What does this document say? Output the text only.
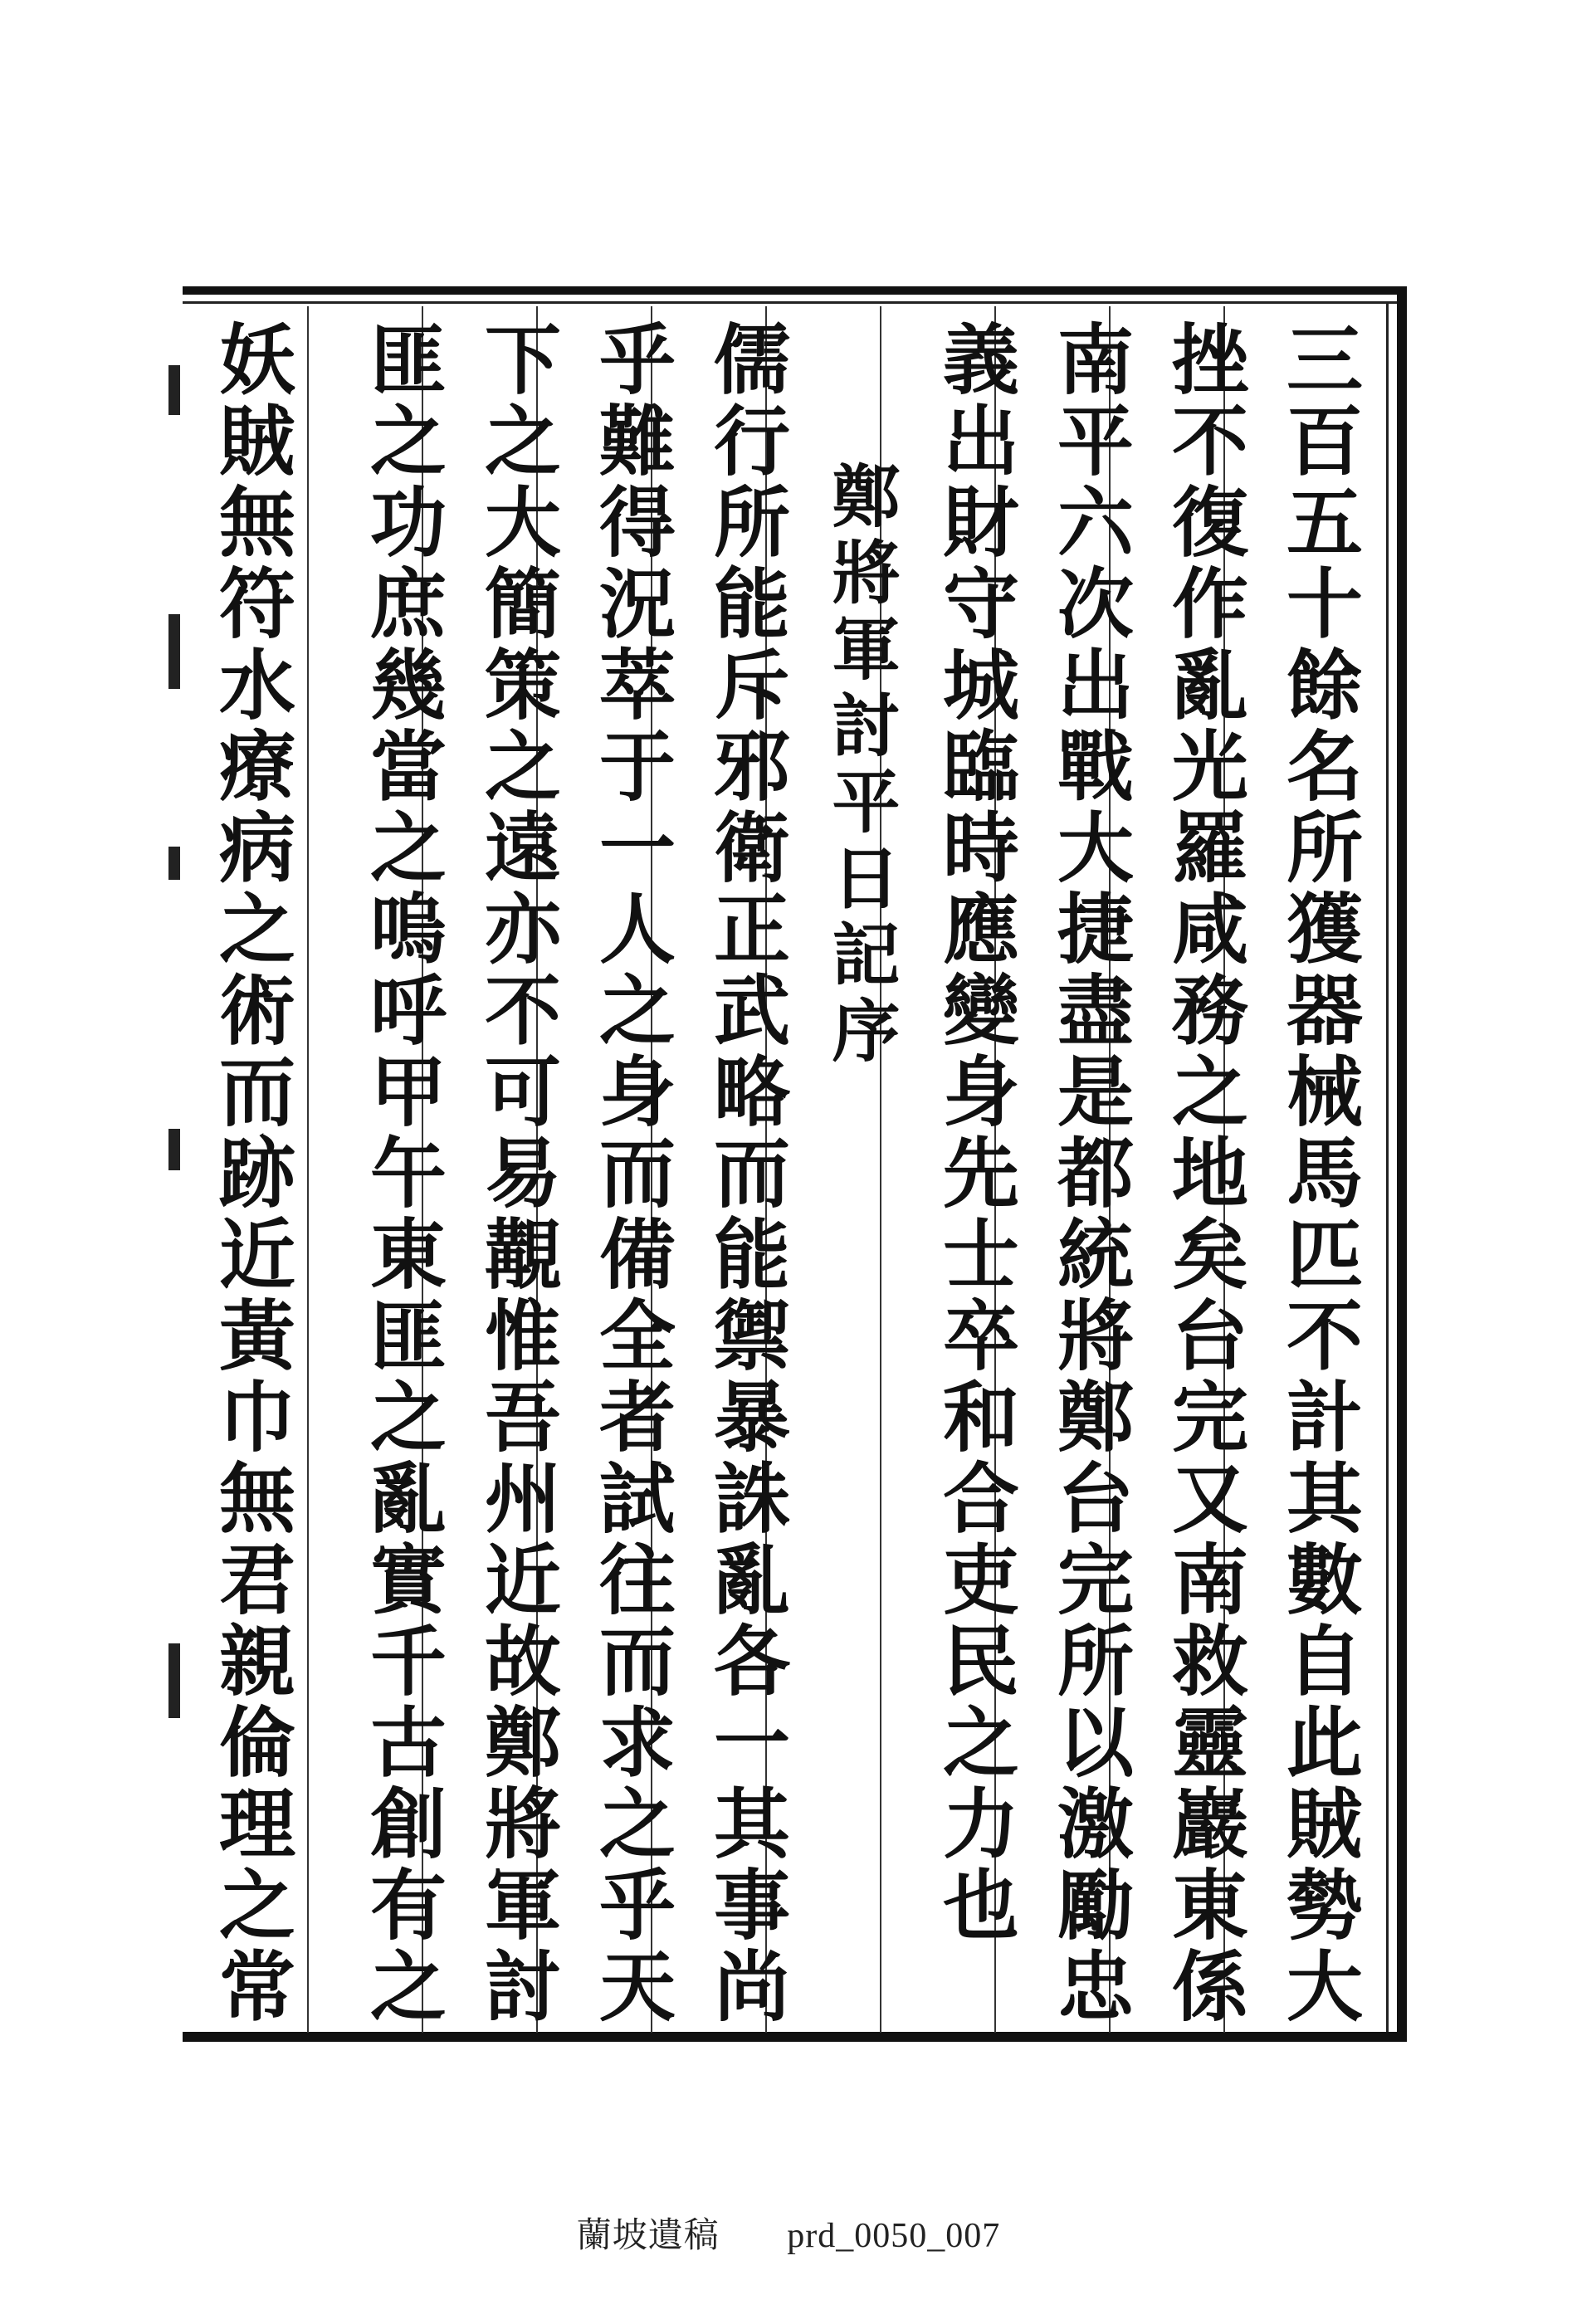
三百五十餘名所獲器械馬匹不計其數自此賊勢大
挫不復作亂光羅咸務之地矣台完又南救靈巖東係
南平六次出戰大捷盡是都統將鄭台完所以激勵忠
義出財守城臨時應變身先士卒和合吏民之力也
鄭將軍討平日記序
儒行所能斥邪衛正武略而能禦暴誅亂各一其事尚
乎難得況萃于一人之身而備全者試往而求之乎天
下之大簡策之遠亦不可易覯惟吾州近故鄭將軍討
匪之功庶幾當之嗚呼甲午東匪之亂實千古創有之
妖賊無符水療病之術而跡近黃巾無君親倫理之常
蘭坡遺稿 prd_0050_007
